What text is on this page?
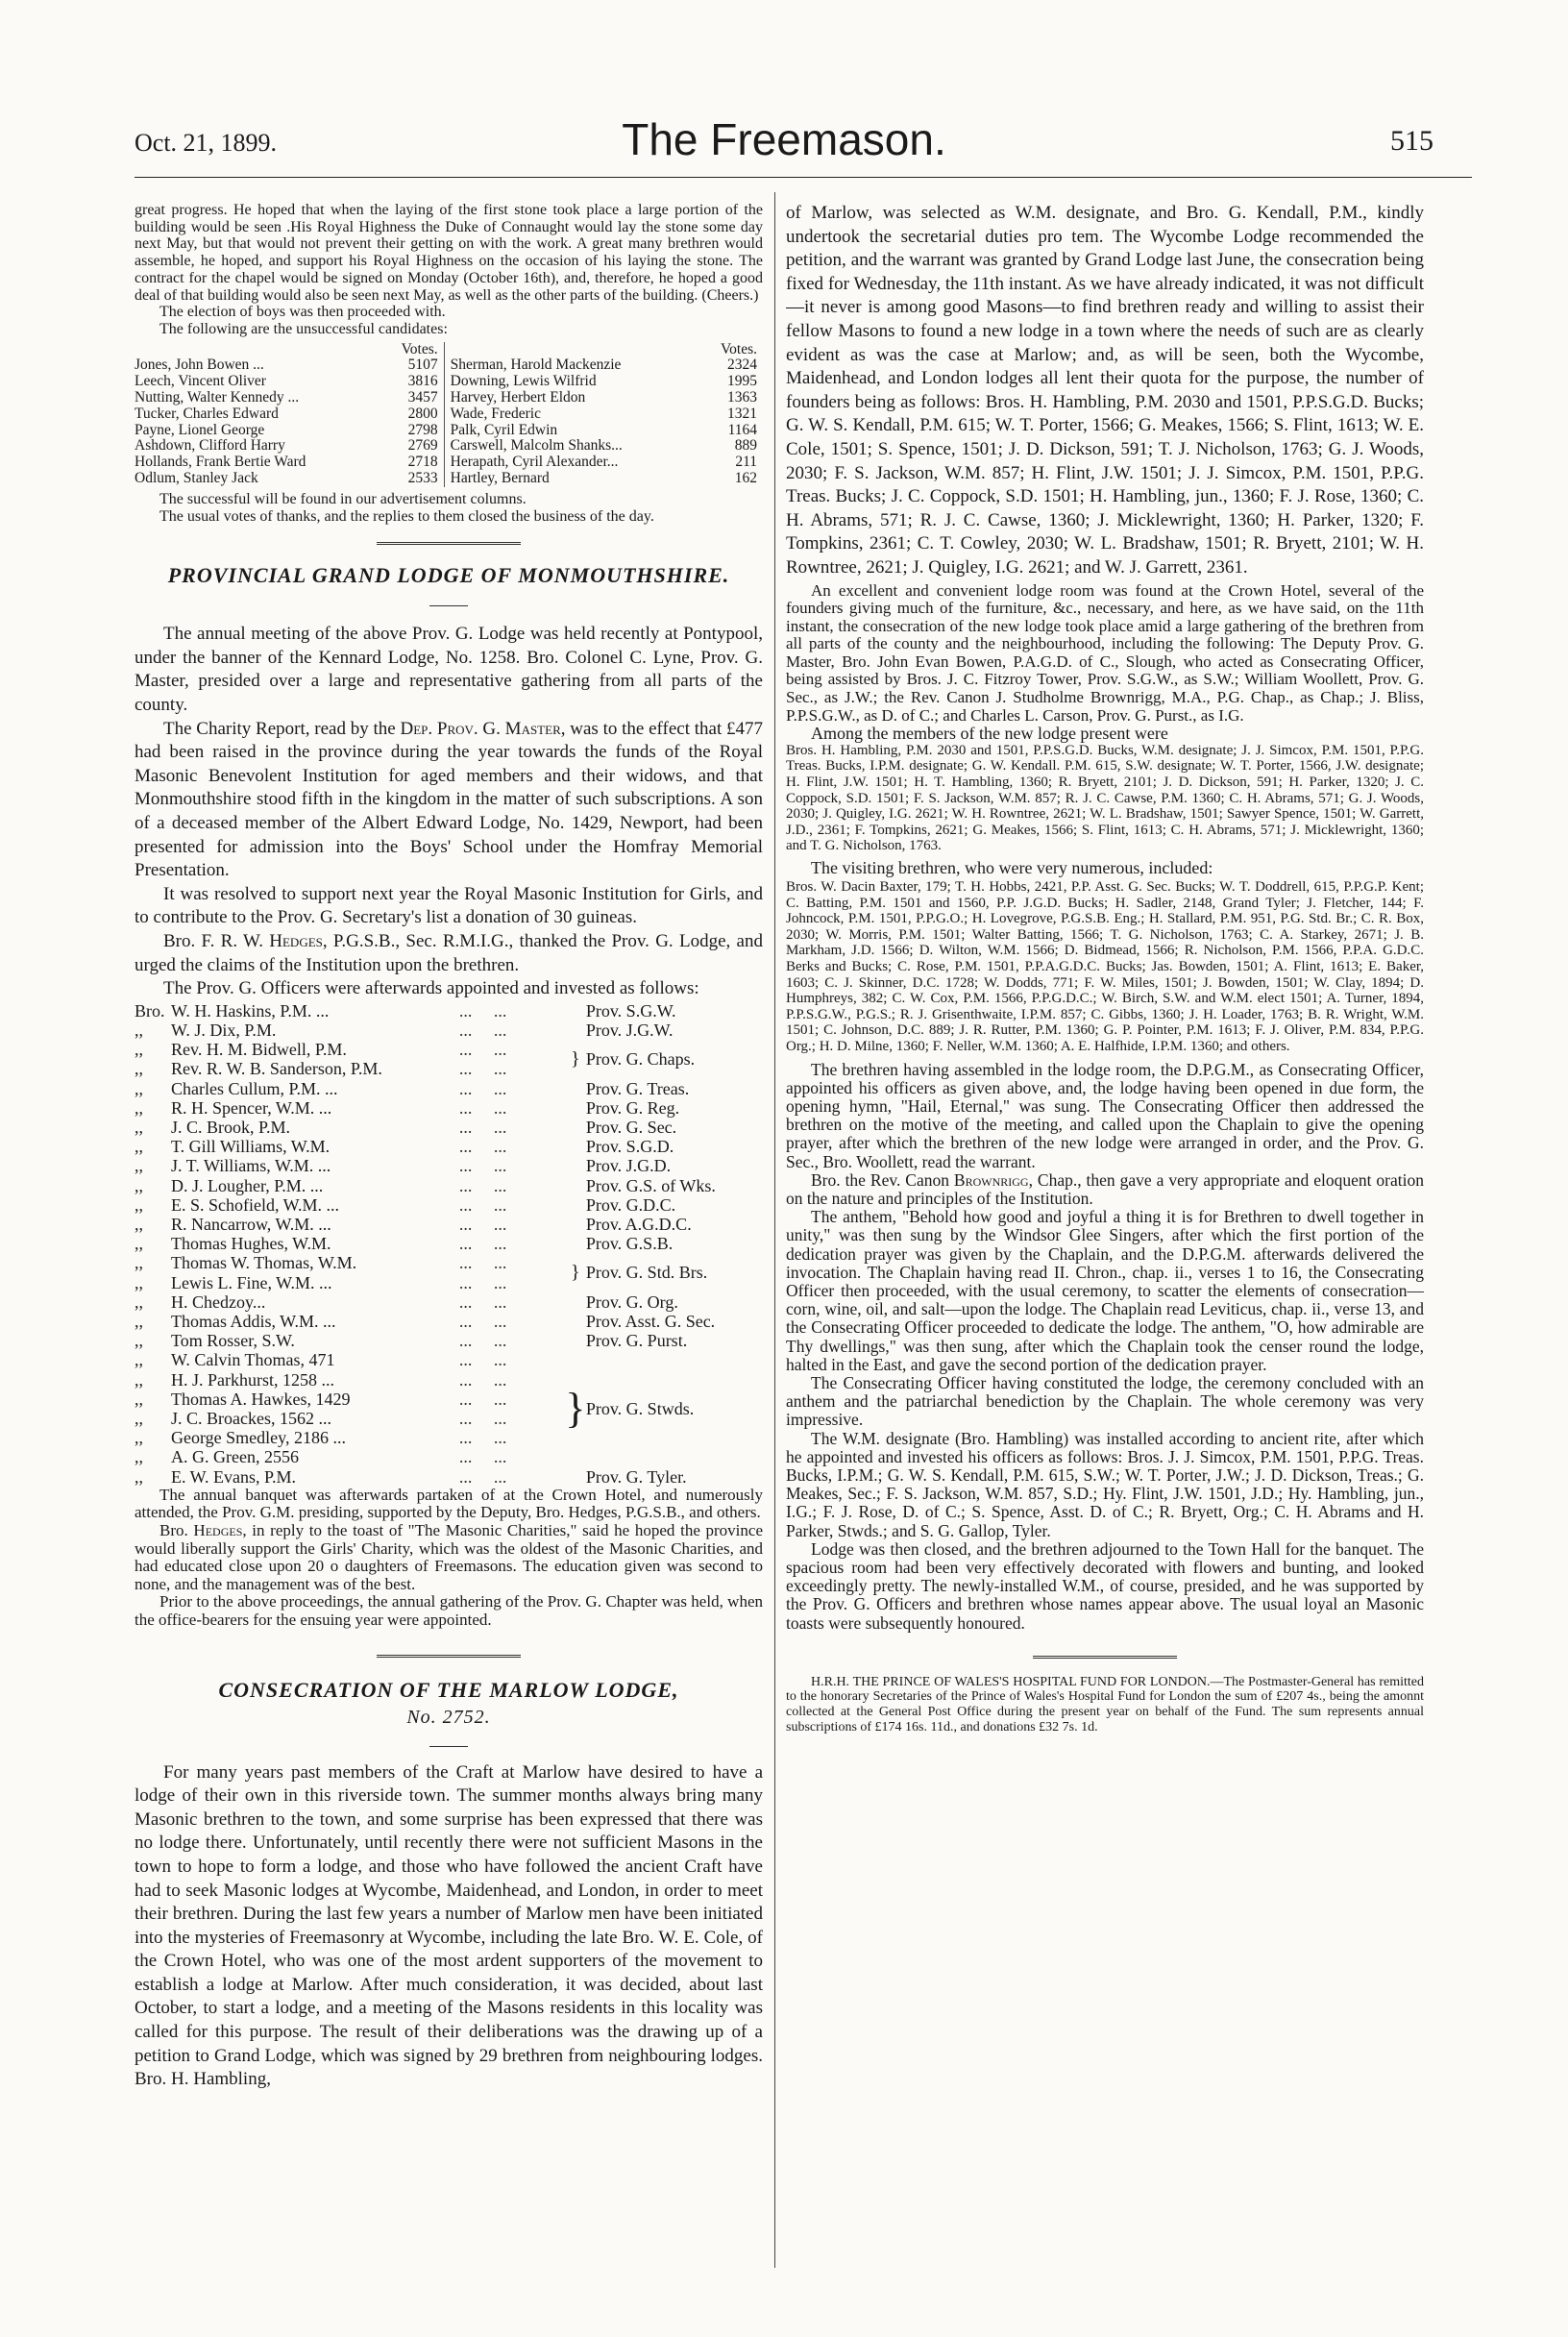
Oct. 21, 1899.	The Freemason.	515

great progress. He hoped that when the laying of the first stone took place a large portion of the building would be seen .His Royal Highness the Duke of Connaught would lay the stone some day next May, but that would not prevent their getting on with the work. A great many brethren would assemble, he hoped, and support his Royal Highness on the occasion of his laying the stone. The contract for the chapel would be signed on Monday (October 16th), and, therefore, he hoped a good deal of that building would also be seen next May, as well as the other parts of the building. (Cheers.)

The election of boys was then proceeded with.

The following are the unsuccessful candidates:

	Votes.		Votes.
Jones, John Bowen ...	5107	Sherman, Harold Mackenzie	2324
Leech, Vincent Oliver	3816	Downing, Lewis Wilfrid	1995
Nutting, Walter Kennedy ...	3457	Harvey, Herbert Eldon	1363
Tucker, Charles Edward	2800	Wade, Frederic	1321
Payne, Lionel George	2798	Palk, Cyril Edwin	1164
Ashdown, Clifford Harry	2769	Carswell, Malcolm Shanks...	889
Hollands, Frank Bertie Ward	2718	Herapath, Cyril Alexander...	211
Odlum, Stanley Jack	2533	Hartley, Bernard	162

The successful will be found in our advertisement columns.

The usual votes of thanks, and the replies to them closed the business of the day.

PROVINCIAL GRAND LODGE OF MONMOUTHSHIRE.

The annual meeting of the above Prov. G. Lodge was held recently at Pontypool, under the banner of the Kennard Lodge, No. 1258. Bro. Colonel C. Lyne, Prov. G. Master, presided over a large and representative gathering from all parts of the county.

The Charity Report, read by the Dep. Prov. G. Master, was to the effect that £477 had been raised in the province during the year towards the funds of the Royal Masonic Benevolent Institution for aged members and their widows, and that Monmouthshire stood fifth in the kingdom in the matter of such subscriptions. A son of a deceased member of the Albert Edward Lodge, No. 1429, Newport, had been presented for admission into the Boys' School under the Homfray Memorial Presentation.

It was resolved to support next year the Royal Masonic Institution for Girls, and to contribute to the Prov. G. Secretary's list a donation of 30 guineas.

Bro. F. R. W. Hedges, P.G.S.B., Sec. R.M.I.G., thanked the Prov. G. Lodge, and urged the claims of the Institution upon the brethren.

The Prov. G. Officers were afterwards appointed and invested as follows:

Bro.	W. H. Haskins, P.M. ...	...     ...		Prov. S.G.W.
,,	W. J. Dix, P.M.	...     ...		Prov. J.G.W.
,,	Rev. H. M. Bidwell, P.M.	...     ...	}	Prov. G. Chaps.
,,	Rev. R. W. B. Sanderson, P.M.	...     ...		
,,	Charles Cullum, P.M. ...	...     ...		Prov. G. Treas.
,,	R. H. Spencer, W.M. ...	...     ...		Prov. G. Reg.
,,	J. C. Brook, P.M.	...     ...		Prov. G. Sec.
,,	T. Gill Williams, W.M.	...     ...		Prov. S.G.D.
,,	J. T. Williams, W.M. ...	...     ...		Prov. J.G.D.
,,	D. J. Lougher, P.M. ...	...     ...		Prov. G.S. of Wks.
,,	E. S. Schofield, W.M. ...	...     ...		Prov. G.D.C.
,,	R. Nancarrow, W.M. ...	...     ...		Prov. A.G.D.C.
,,	Thomas Hughes, W.M.	...     ...		Prov. G.S.B.
,,	Thomas W. Thomas, W.M.	...     ...	}	Prov. G. Std. Brs.
,,	Lewis L. Fine, W.M. ...	...     ...		
,,	H. Chedzoy...	...     ...		Prov. G. Org.
,,	Thomas Addis, W.M. ...	...     ...		Prov. Asst. G. Sec.
,,	Tom Rosser, S.W.	...     ...		Prov. G. Purst.
,,	W. Calvin Thomas, 471	...     ...	}	Prov. G. Stwds.
,,	H. J. Parkhurst, 1258 ...	...     ...		
,,	Thomas A. Hawkes, 1429	...     ...		
,,	J. C. Broackes, 1562 ...	...     ...		
,,	George Smedley, 2186 ...	...     ...		
,,	A. G. Green, 2556	...     ...		
,,	E. W. Evans, P.M.	...     ...		Prov. G. Tyler.

The annual banquet was afterwards partaken of at the Crown Hotel, and numerously attended, the Prov. G.M. presiding, supported by the Deputy, Bro. Hedges, P.G.S.B., and others.

Bro. Hedges, in reply to the toast of "The Masonic Charities," said he hoped the province would liberally support the Girls' Charity, which was the oldest of the Masonic Charities, and had educated close upon 20 o daughters of Freemasons. The education given was second to none, and the management was of the best.

Prior to the above proceedings, the annual gathering of the Prov. G. Chapter was held, when the office-bearers for the ensuing year were appointed.

CONSECRATION OF THE MARLOW LODGE,
No. 2752.

For many years past members of the Craft at Marlow have desired to have a lodge of their own in this riverside town. The summer months always bring many Masonic brethren to the town, and some surprise has been expressed that there was no lodge there. Unfortunately, until recently there were not sufficient Masons in the town to hope to form a lodge, and those who have followed the ancient Craft have had to seek Masonic lodges at Wycombe, Maidenhead, and London, in order to meet their brethren. During the last few years a number of Marlow men have been initiated into the mysteries of Freemasonry at Wycombe, including the late Bro. W. E. Cole, of the Crown Hotel, who was one of the most ardent supporters of the movement to establish a lodge at Marlow. After much consideration, it was decided, about last October, to start a lodge, and a meeting of the Masons residents in this locality was called for this purpose. The result of their deliberations was the drawing up of a petition to Grand Lodge, which was signed by 29 brethren from neighbouring lodges. Bro. H. Hambling,

of Marlow, was selected as W.M. designate, and Bro. G. Kendall, P.M., kindly undertook the secretarial duties pro tem. The Wycombe Lodge recommended the petition, and the warrant was granted by Grand Lodge last June, the consecration being fixed for Wednesday, the 11th instant. As we have already indicated, it was not difficult—it never is among good Masons—to find brethren ready and willing to assist their fellow Masons to found a new lodge in a town where the needs of such are as clearly evident as was the case at Marlow; and, as will be seen, both the Wycombe, Maidenhead, and London lodges all lent their quota for the purpose, the number of founders being as follows: Bros. H. Hambling, P.M. 2030 and 1501, P.P.S.G.D. Bucks; G. W. S. Kendall, P.M. 615; W. T. Porter, 1566; G. Meakes, 1566; S. Flint, 1613; W. E. Cole, 1501; S. Spence, 1501; J. D. Dickson, 591; T. J. Nicholson, 1763; G. J. Woods, 2030; F. S. Jackson, W.M. 857; H. Flint, J.W. 1501; J. J. Simcox, P.M. 1501, P.P.G. Treas. Bucks; J. C. Coppock, S.D. 1501; H. Hambling, jun., 1360; F. J. Rose, 1360; C. H. Abrams, 571; R. J. C. Cawse, 1360; J. Micklewright, 1360; H. Parker, 1320; F. Tompkins, 2361; C. T. Cowley, 2030; W. L. Bradshaw, 1501; R. Bryett, 2101; W. H. Rowntree, 2621; J. Quigley, I.G. 2621; and W. J. Garrett, 2361.

An excellent and convenient lodge room was found at the Crown Hotel, several of the founders giving much of the furniture, &c., necessary, and here, as we have said, on the 11th instant, the consecration of the new lodge took place amid a large gathering of the brethren from all parts of the county and the neighbourhood, including the following: The Deputy Prov. G. Master, Bro. John Evan Bowen, P.A.G.D. of C., Slough, who acted as Consecrating Officer, being assisted by Bros. J. C. Fitzroy Tower, Prov. S.G.W., as S.W.; William Woollett, Prov. G. Sec., as J.W.; the Rev. Canon J. Studholme Brownrigg, M.A., P.G. Chap., as Chap.; J. Bliss, P.P.S.G.W., as D. of C.; and Charles L. Carson, Prov. G. Purst., as I.G.

Among the members of the new lodge present were

Bros. H. Hambling, P.M. 2030 and 1501, P.P.S.G.D. Bucks, W.M. designate; J. J. Simcox, P.M. 1501, P.P.G. Treas. Bucks, I.P.M. designate; G. W. Kendall. P.M. 615, S.W. designate; W. T. Porter, 1566, J.W. designate; H. Flint, J.W. 1501; H. T. Hambling, 1360; R. Bryett, 2101; J. D. Dickson, 591; H. Parker, 1320; J. C. Coppock, S.D. 1501; F. S. Jackson, W.M. 857; R. J. C. Cawse, P.M. 1360; C. H. Abrams, 571; G. J. Woods, 2030; J. Quigley, I.G. 2621; W. H. Rowntree, 2621; W. L. Bradshaw, 1501; Sawyer Spence, 1501; W. Garrett, J.D., 2361; F. Tompkins, 2621; G. Meakes, 1566; S. Flint, 1613; C. H. Abrams, 571; J. Micklewright, 1360; and T. G. Nicholson, 1763.

The visiting brethren, who were very numerous, included:

Bros. W. Dacin Baxter, 179; T. H. Hobbs, 2421, P.P. Asst. G. Sec. Bucks; W. T. Doddrell, 615, P.P.G.P. Kent; C. Batting, P.M. 1501 and 1560, P.P. J.G.D. Bucks; H. Sadler, 2148, Grand Tyler; J. Fletcher, 144; F. Johncock, P.M. 1501, P.P.G.O.; H. Lovegrove, P.G.S.B. Eng.; H. Stallard, P.M. 951, P.G. Std. Br.; C. R. Box, 2030; W. Morris, P.M. 1501; Walter Batting, 1566; T. G. Nicholson, 1763; C. A. Starkey, 2671; J. B. Markham, J.D. 1566; D. Wilton, W.M. 1566; D. Bidmead, 1566; R. Nicholson, P.M. 1566, P.P.A. G.D.C. Berks and Bucks; C. Rose, P.M. 1501, P.P.A.G.D.C. Bucks; Jas. Bowden, 1501; A. Flint, 1613; E. Baker, 1603; C. J. Skinner, D.C. 1728; W. Dodds, 771; F. W. Miles, 1501; J. Bowden, 1501; W. Clay, 1894; D. Humphreys, 382; C. W. Cox, P.M. 1566, P.P.G.D.C.; W. Birch, S.W. and W.M. elect 1501; A. Turner, 1894, P.P.S.G.W., P.G.S.; R. J. Grisenthwaite, I.P.M. 857; C. Gibbs, 1360; J. H. Loader, 1763; B. R. Wright, W.M. 1501; C. Johnson, D.C. 889; J. R. Rutter, P.M. 1360; G. P. Pointer, P.M. 1613; F. J. Oliver, P.M. 834, P.P.G. Org.; H. D. Milne, 1360; F. Neller, W.M. 1360; A. E. Halfhide, I.P.M. 1360; and others.

The brethren having assembled in the lodge room, the D.P.G.M., as Consecrating Officer, appointed his officers as given above, and, the lodge having been opened in due form, the opening hymn, "Hail, Eternal," was sung. The Consecrating Officer then addressed the brethren on the motive of the meeting, and called upon the Chaplain to give the opening prayer, after which the brethren of the new lodge were arranged in order, and the Prov. G. Sec., Bro. Woollett, read the warrant.

Bro. the Rev. Canon Brownrigg, Chap., then gave a very appropriate and eloquent oration on the nature and principles of the Institution.

The anthem, "Behold how good and joyful a thing it is for Brethren to dwell together in unity," was then sung by the Windsor Glee Singers, after which the first portion of the dedication prayer was given by the Chaplain, and the D.P.G.M. afterwards delivered the invocation. The Chaplain having read II. Chron., chap. ii., verses 1 to 16, the Consecrating Officer then proceeded, with the usual ceremony, to scatter the elements of consecration—corn, wine, oil, and salt—upon the lodge. The Chaplain read Leviticus, chap. ii., verse 13, and the Consecrating Officer proceeded to dedicate the lodge. The anthem, "O, how admirable are Thy dwellings," was then sung, after which the Chaplain took the censer round the lodge, halted in the East, and gave the second portion of the dedication prayer.

The Consecrating Officer having constituted the lodge, the ceremony concluded with an anthem and the patriarchal benediction by the Chaplain. The whole ceremony was very impressive.

The W.M. designate (Bro. Hambling) was installed according to ancient rite, after which he appointed and invested his officers as follows: Bros. J. J. Simcox, P.M. 1501, P.P.G. Treas. Bucks, I.P.M.; G. W. S. Kendall, P.M. 615, S.W.; W. T. Porter, J.W.; J. D. Dickson, Treas.; G. Meakes, Sec.; F. S. Jackson, W.M. 857, S.D.; Hy. Flint, J.W. 1501, J.D.; Hy. Hambling, jun., I.G.; F. J. Rose, D. of C.; S. Spence, Asst. D. of C.; R. Bryett, Org.; C. H. Abrams and H. Parker, Stwds.; and S. G. Gallop, Tyler.

Lodge was then closed, and the brethren adjourned to the Town Hall for the banquet. The spacious room had been very effectively decorated with flowers and bunting, and looked exceedingly pretty. The newly-installed W.M., of course, presided, and he was supported by the Prov. G. Officers and brethren whose names appear above. The usual loyal an Masonic toasts were subsequently honoured.

H.R.H. THE PRINCE OF WALES'S HOSPITAL FUND FOR LONDON.—The Postmaster-General has remitted to the honorary Secretaries of the Prince of Wales's Hospital Fund for London the sum of £207 4s., being the amonnt collected at the General Post Office during the present year on behalf of the Fund. The sum represents annual subscriptions of £174 16s. 11d., and donations £32 7s. 1d.
